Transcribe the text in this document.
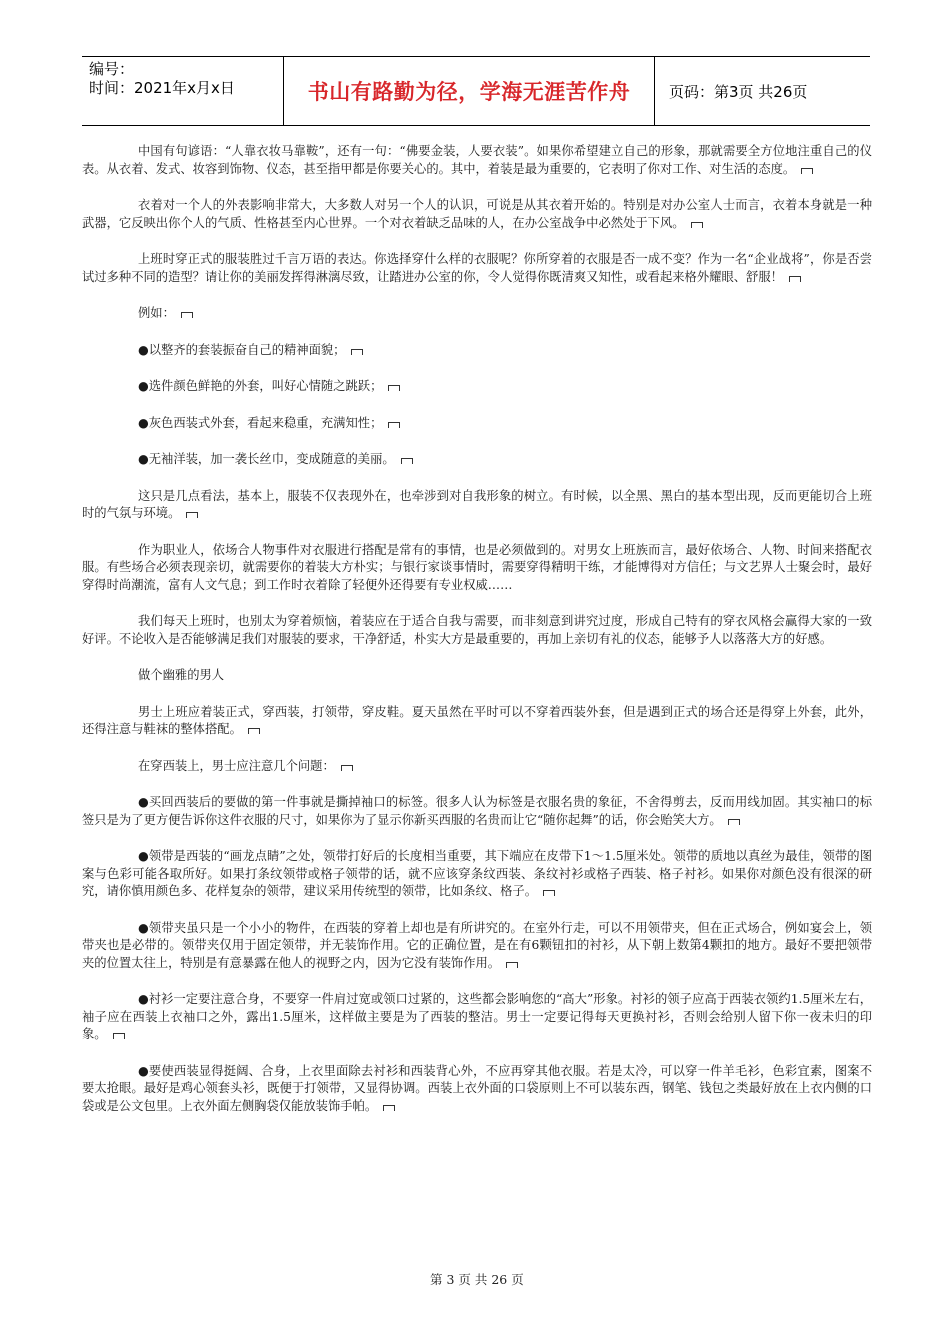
编号：
时间：2021年x月x日	书山有路勤为径，学海无涯苦作舟	页码：第3页 共26页

中国有句谚语：“人靠衣妆马靠鞍”，还有一句：“佛要金装，人要衣装”。如果你希望建立自己的形象，那就需要全方位地注重自己的仪表。从衣着、发式、妆容到饰物、仪态，甚至指甲都是你要关心的。其中，着装是最为重要的，它表明了你对工作、对生活的态度。

衣着对一个人的外表影响非常大，大多数人对另一个人的认识，可说是从其衣着开始的。特别是对办公室人士而言，衣着本身就是一种武器，它反映出你个人的气质、性格甚至内心世界。一个对衣着缺乏品味的人，在办公室战争中必然处于下风。

上班时穿正式的服装胜过千言万语的表达。你选择穿什么样的衣服呢？你所穿着的衣服是否一成不变？作为一名“企业战将”，你是否尝试过多种不同的造型？请让你的美丽发挥得淋漓尽致，让踏进办公室的你，令人觉得你既清爽又知性，或看起来格外耀眼、舒服！

例如：

●以整齐的套装振奋自己的精神面貌；

●选件颜色鲜艳的外套，叫好心情随之跳跃；

●灰色西装式外套，看起来稳重，充满知性；

●无袖洋装，加一袭长丝巾，变成随意的美丽。

这只是几点看法，基本上，服装不仅表现外在，也牵涉到对自我形象的树立。有时候，以全黑、黑白的基本型出现，反而更能切合上班时的气氛与环境。

作为职业人，依场合人物事件对衣服进行搭配是常有的事情，也是必须做到的。对男女上班族而言，最好依场合、人物、时间来搭配衣服。有些场合必须表现亲切，就需要你的着装大方朴实；与银行家谈事情时，需要穿得精明干练，才能博得对方信任；与文艺界人士聚会时，最好穿得时尚潮流，富有人文气息；到工作时衣着除了轻便外还得要有专业权威……

我们每天上班时，也别太为穿着烦恼，着装应在于适合自我与需要，而非刻意到讲究过度，形成自己特有的穿衣风格会赢得大家的一致好评。不论收入是否能够满足我们对服装的要求，干净舒适，朴实大方是最重要的，再加上亲切有礼的仪态，能够予人以落落大方的好感。

做个幽雅的男人

男士上班应着装正式，穿西装，打领带，穿皮鞋。夏天虽然在平时可以不穿着西装外套，但是遇到正式的场合还是得穿上外套，此外，还得注意与鞋袜的整体搭配。

在穿西装上，男士应注意几个问题：

●买回西装后的要做的第一件事就是撕掉袖口的标签。很多人认为标签是衣服名贵的象征，不舍得剪去，反而用线加固。其实袖口的标签只是为了更方便告诉你这件衣服的尺寸，如果你为了显示你新买西服的名贵而让它“随你起舞”的话，你会贻笑大方。

●领带是西装的“画龙点睛”之处，领带打好后的长度相当重要，其下端应在皮带下1～1.5厘米处。领带的质地以真丝为最佳，领带的图案与色彩可能各取所好。如果打条纹领带或格子领带的话，就不应该穿条纹西装、条纹衬衫或格子西装、格子衬衫。如果你对颜色没有很深的研究，请你慎用颜色多、花样复杂的领带，建议采用传统型的领带，比如条纹、格子。

●领带夹虽只是一个小小的物件，在西装的穿着上却也是有所讲究的。在室外行走，可以不用领带夹，但在正式场合，例如宴会上，领带夹也是必带的。领带夹仅用于固定领带，并无装饰作用。它的正确位置，是在有6颗钮扣的衬衫，从下朝上数第4颗扣的地方。最好不要把领带夹的位置太往上，特别是有意暴露在他人的视野之内，因为它没有装饰作用。

●衬衫一定要注意合身，不要穿一件肩过宽或领口过紧的，这些都会影响您的“高大”形象。衬衫的领子应高于西装衣领约1.5厘米左右，袖子应在西装上衣袖口之外，露出1.5厘米，这样做主要是为了西装的整洁。男士一定要记得每天更换衬衫，否则会给别人留下你一夜未归的印象。

●要使西装显得挺阔、合身，上衣里面除去衬衫和西装背心外，不应再穿其他衣服。若是太冷，可以穿一件羊毛衫，色彩宜素，图案不要太抢眼。最好是鸡心领套头衫，既便于打领带，又显得协调。西装上衣外面的口袋原则上不可以装东西，钢笔、钱包之类最好放在上衣内侧的口袋或是公文包里。上衣外面左侧胸袋仅能放装饰手帕。

第 3 页 共 26 页
